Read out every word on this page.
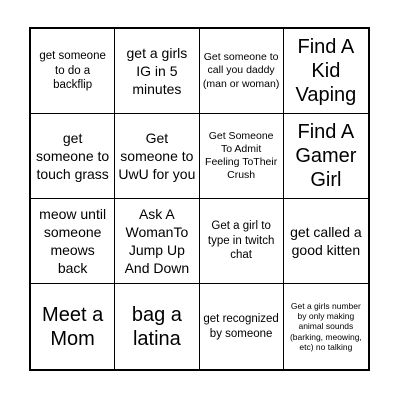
get someone to do a backflip
get a girls IG in 5 minutes
Get someone to call you daddy (man or woman)
Find A Kid Vaping
get someone to touch grass
Get someone to UwU for you
Get Someone To Admit Feeling ToTheir Crush
Find A Gamer Girl
meow until someone meows back
Ask A WomanTo Jump Up And Down
Get a girl to type in twitch chat
get called a good kitten
Meet a Mom
bag a latina
get recognized by someone
Get a girls number by only making animal sounds (barking, meowing, etc) no talking
